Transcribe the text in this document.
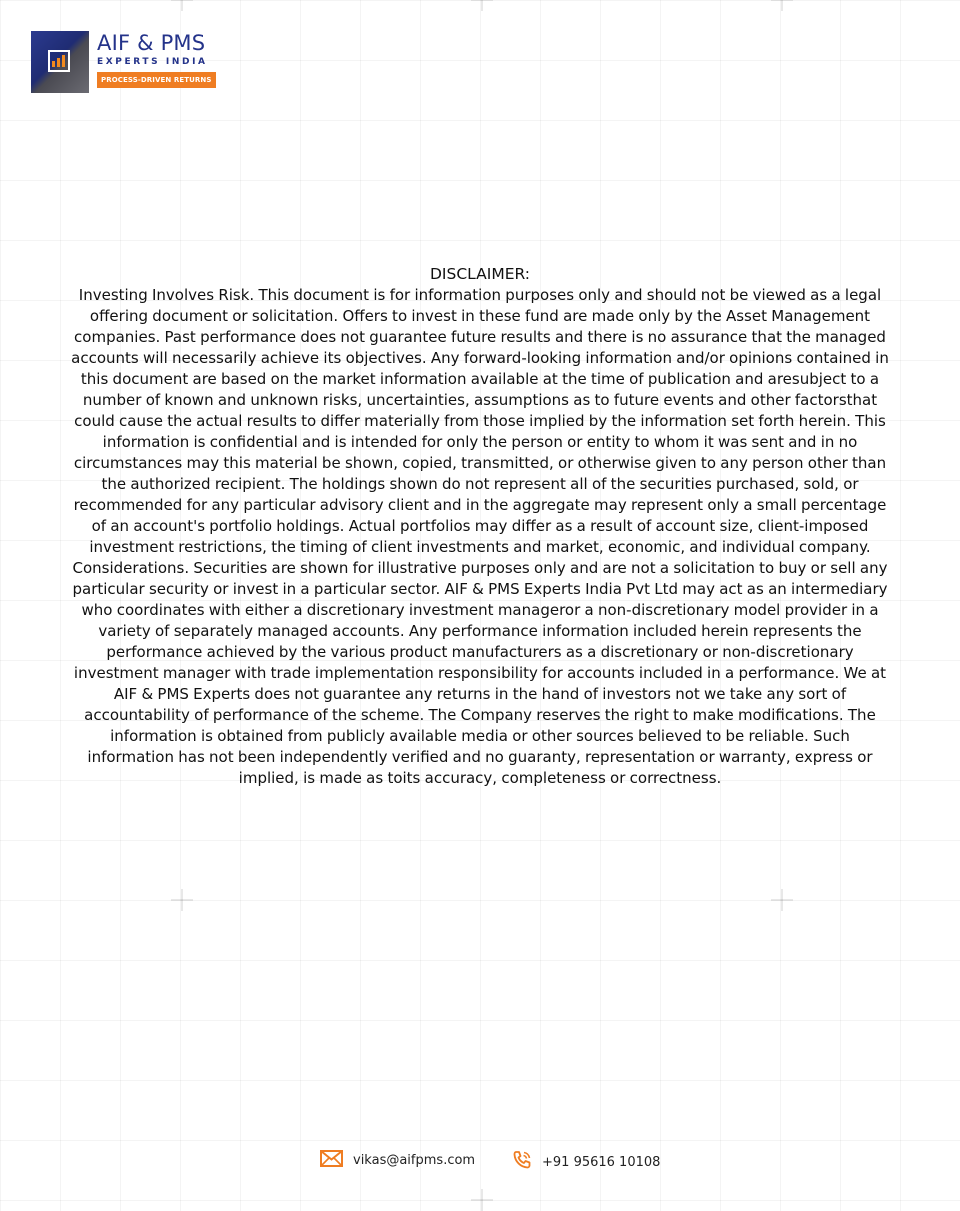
AIF & PMS
EXPERTS INDIA
PROCESS-DRIVEN RETURNS

DISCLAIMER:

Investing Involves Risk. This document is for information purposes only and should not be viewed as a legal offering document or solicitation. Offers to invest in these fund are made only by the Asset Management companies. Past performance does not guarantee future results and there is no assurance that the managed accounts will necessarily achieve its objectives. Any forward-looking information and/or opinions contained in this document are based on the market information available at the time of publication and aresubject to a number of known and unknown risks, uncertainties, assumptions as to future events and other factorsthat could cause the actual results to differ materially from those implied by the information set forth herein. This information is confidential and is intended for only the person or entity to whom it was sent and in no circumstances may this material be shown, copied, transmitted, or otherwise given to any person other than the authorized recipient. The holdings shown do not represent all of the securities purchased, sold, or recommended for any particular advisory client and in the aggregate may represent only a small percentage of an account's portfolio holdings. Actual portfolios may differ as a result of account size, client-imposed investment restrictions, the timing of client investments and market, economic, and individual company. Considerations. Securities are shown for illustrative purposes only and are not a solicitation to buy or sell any particular security or invest in a particular sector. AIF & PMS Experts India Pvt Ltd may act as an intermediary who coordinates with either a discretionary investment manageror a non-discretionary model provider in a variety of separately managed accounts. Any performance information included herein represents the performance achieved by the various product manufacturers as a discretionary or non-discretionary investment manager with trade implementation responsibility for accounts included in a performance. We at AIF & PMS Experts does not guarantee any returns in the hand of investors not we take any sort of accountability of performance of the scheme. The Company reserves the right to make modifications. The information is obtained from publicly available media or other sources believed to be reliable. Such information has not been independently verified and no guaranty, representation or warranty, express or implied, is made as toits accuracy, completeness or correctness.

vikas@aifpms.com	+91 95616 10108
